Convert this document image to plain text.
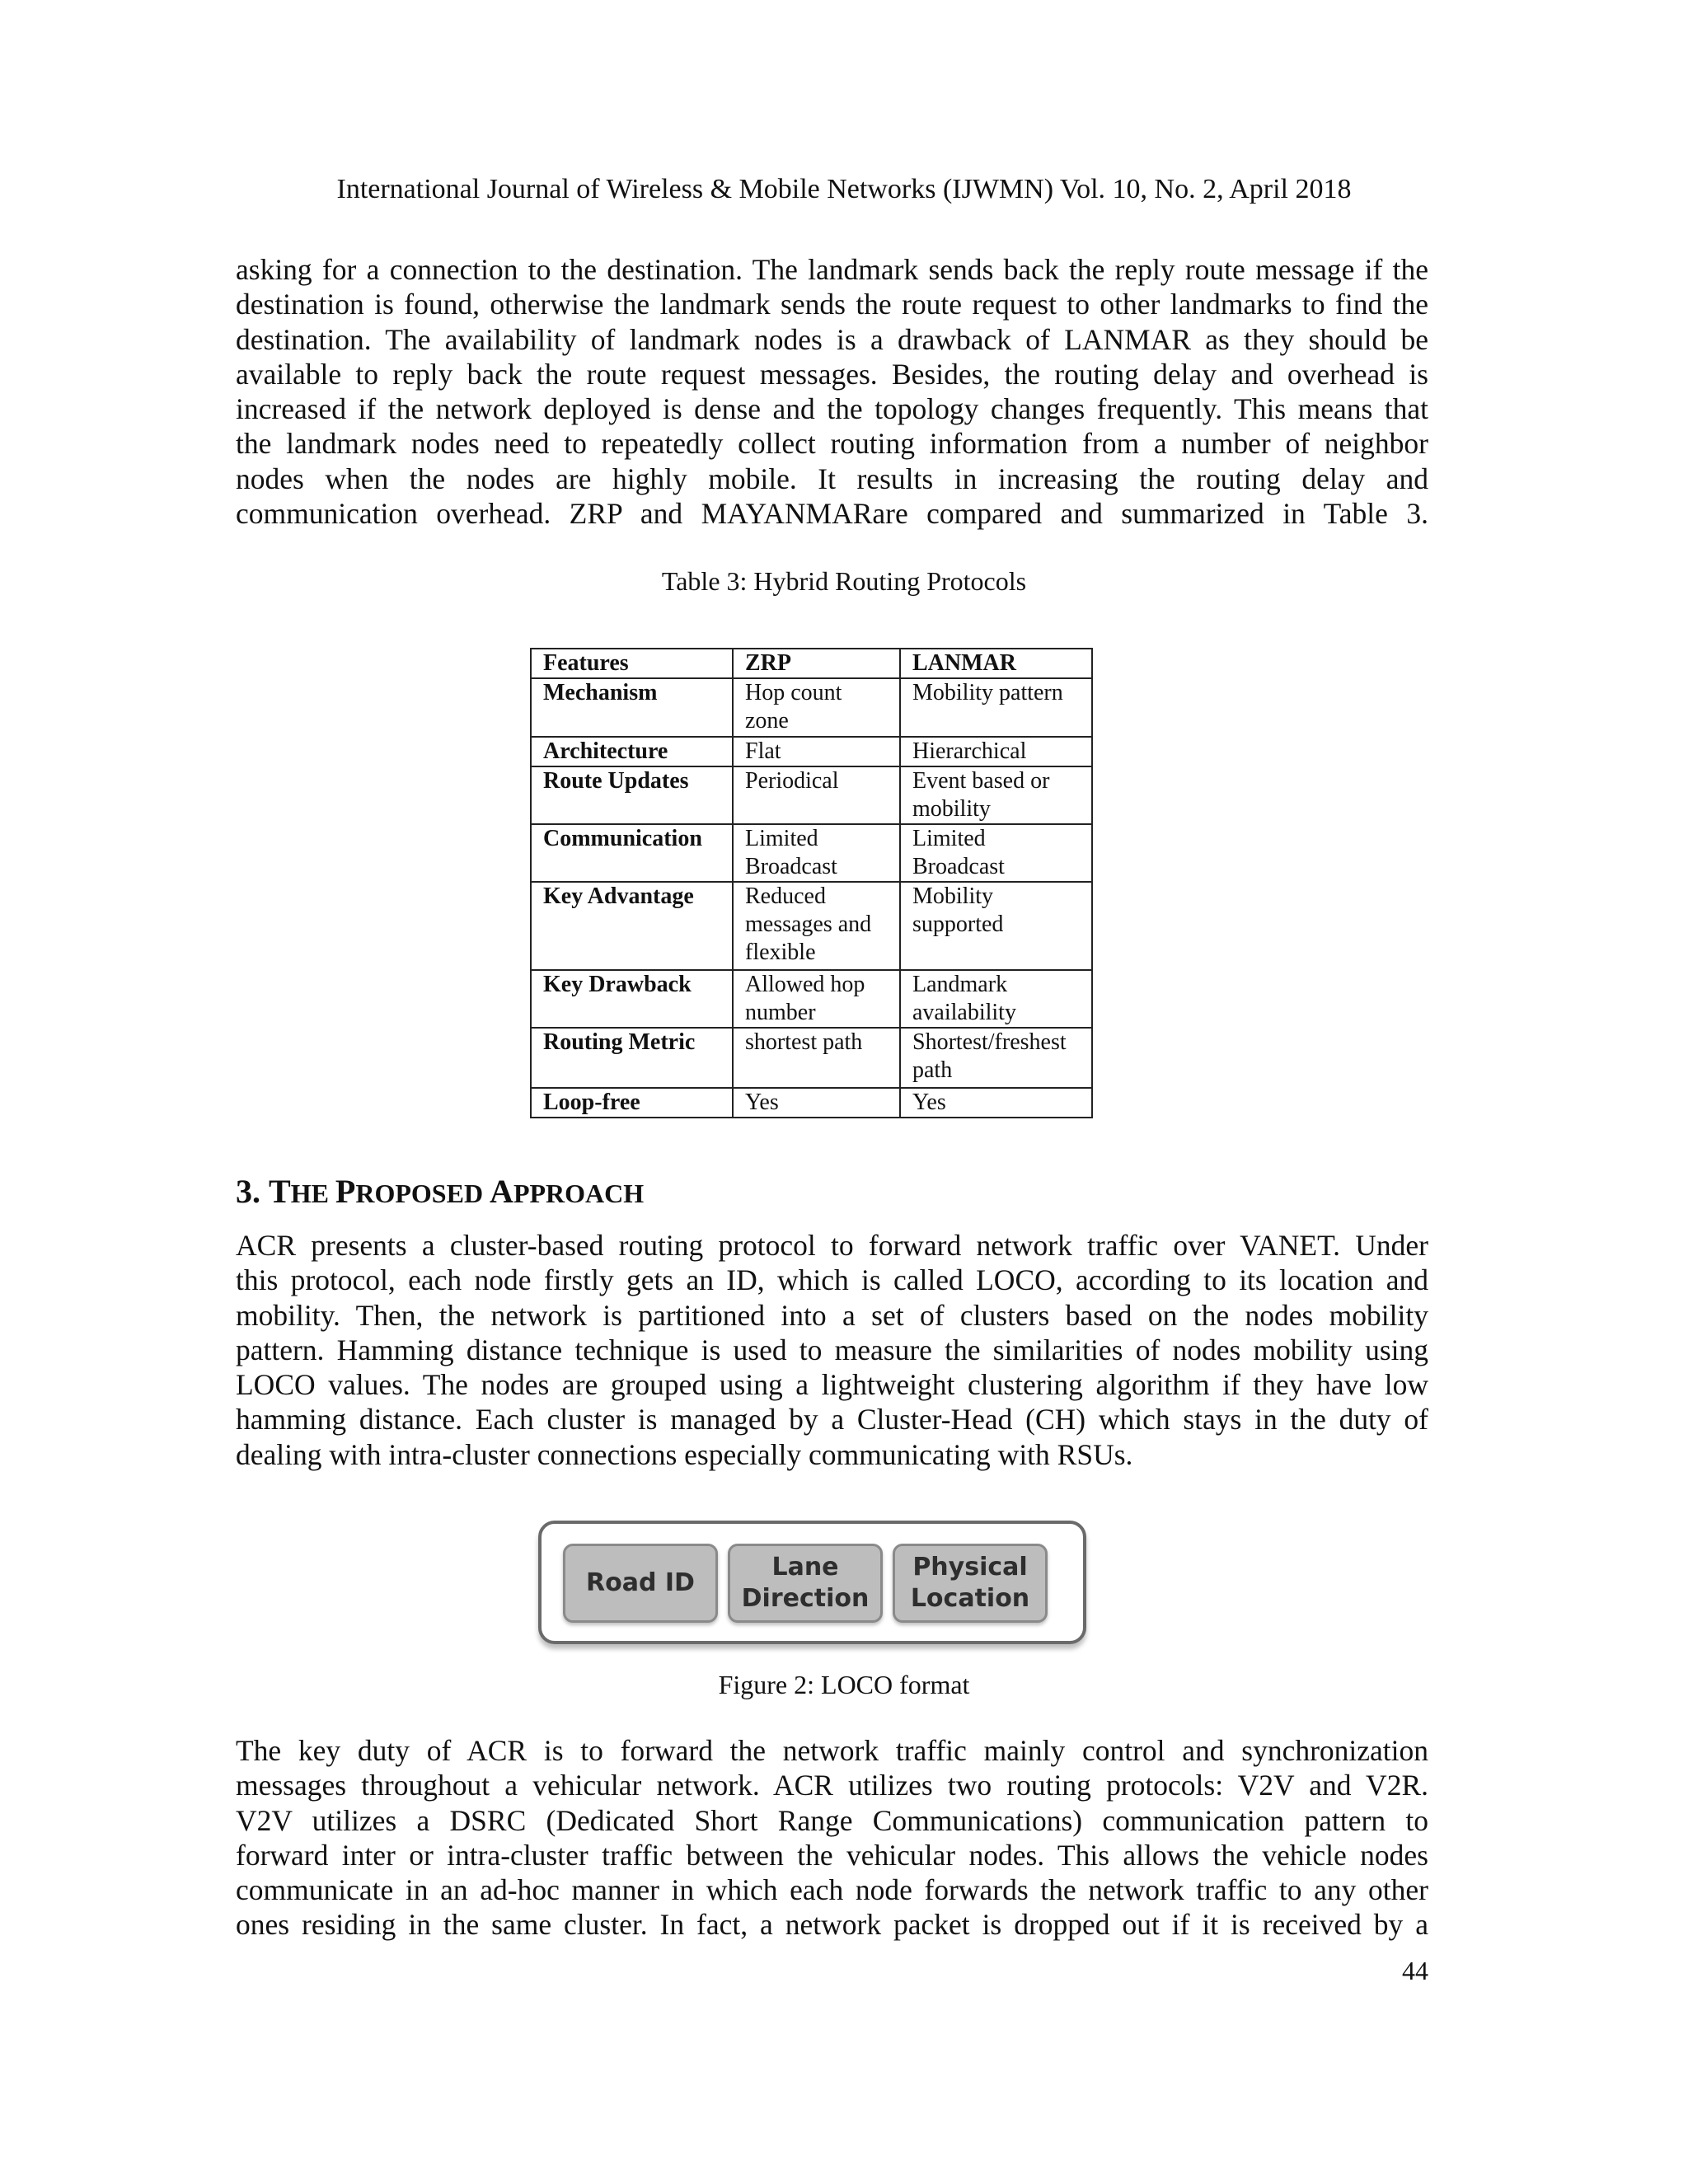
International Journal of Wireless & Mobile Networks (IJWMN) Vol. 10, No. 2, April 2018

asking for a connection to the destination. The landmark sends back the reply route message if the
destination is found, otherwise the landmark sends the route request to other landmarks to find the
destination. The availability of landmark nodes is a drawback of LANMAR as they should be
available to reply back the route request messages. Besides, the routing delay and overhead is
increased if the network deployed is dense and the topology changes frequently. This means that
the landmark nodes need to repeatedly collect routing information from a number of neighbor
nodes when the nodes are highly mobile. It results in increasing the routing delay and
communication overhead. ZRP and MAYANMARare compared and summarized in Table 3.

Table 3: Hybrid Routing Protocols

Features	ZRP	LANMAR
Mechanism	Hop count zone	Mobility pattern
Architecture	Flat	Hierarchical
Route Updates	Periodical	Event based or mobility
Communication	Limited Broadcast	Limited Broadcast
Key Advantage	Reduced messages and flexible	Mobility supported
Key Drawback	Allowed hop number	Landmark availability
Routing Metric	shortest path	Shortest/freshest path
Loop-free	Yes	Yes
3. THE PROPOSED APPROACH
ACR presents a cluster-based routing protocol to forward network traffic over VANET. Under
this protocol, each node firstly gets an ID, which is called LOCO, according to its location and
mobility. Then, the network is partitioned into a set of clusters based on the nodes mobility
pattern. Hamming distance technique is used to measure the similarities of nodes mobility using
LOCO values. The nodes are grouped using a lightweight clustering algorithm if they have low
hamming distance. Each cluster is managed by a Cluster-Head (CH) which stays in the duty of
dealing with intra-cluster connections especially communicating with RSUs.
Road ID
Lane
Direction
Physical
Location

Figure 2: LOCO format

The key duty of ACR is to forward the network traffic mainly control and synchronization
messages throughout a vehicular network. ACR utilizes two routing protocols: V2V and V2R.
V2V utilizes a DSRC (Dedicated Short Range Communications) communication pattern to
forward inter or intra-cluster traffic between the vehicular nodes. This allows the vehicle nodes
communicate in an ad-hoc manner in which each node forwards the network traffic to any other
ones residing in the same cluster. In fact, a network packet is dropped out if it is received by a

44
